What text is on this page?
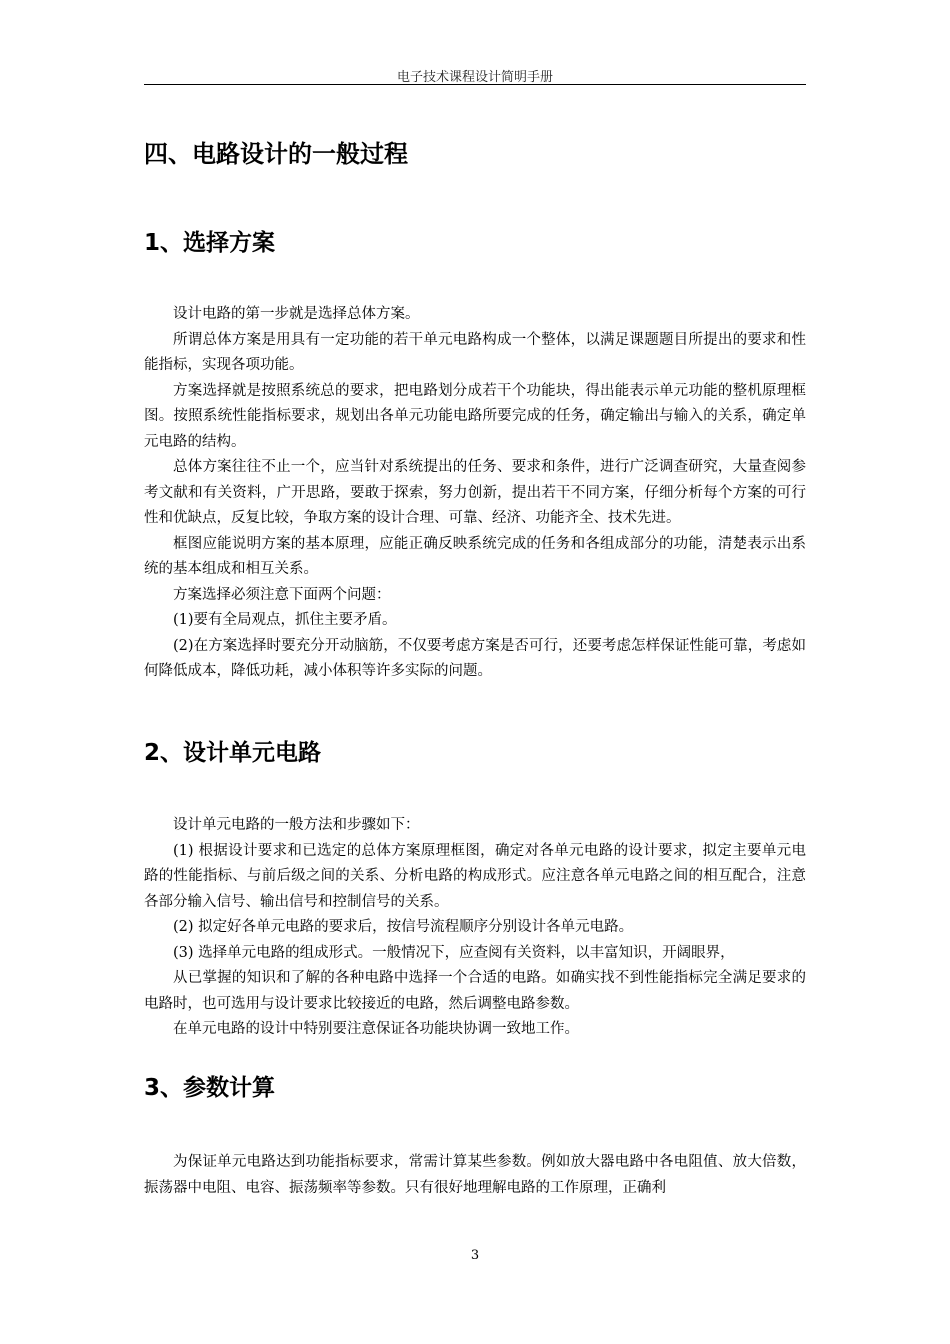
电子技术课程设计简明手册
四、电路设计的一般过程
1、选择方案

设计电路的第一步就是选择总体方案。

所谓总体方案是用具有一定功能的若干单元电路构成一个整体，以满足课题题目所提出的要求和性能指标，实现各项功能。

方案选择就是按照系统总的要求，把电路划分成若干个功能块，得出能表示单元功能的整机原理框图。按照系统性能指标要求，规划出各单元功能电路所要完成的任务，确定输出与输入的关系，确定单元电路的结构。

总体方案往往不止一个，应当针对系统提出的任务、要求和条件，进行广泛调查研究，大量查阅参考文献和有关资料，广开思路，要敢于探索，努力创新，提出若干不同方案，仔细分析每个方案的可行性和优缺点，反复比较，争取方案的设计合理、可靠、经济、功能齐全、技术先进。

框图应能说明方案的基本原理，应能正确反映系统完成的任务和各组成部分的功能，清楚表示出系统的基本组成和相互关系。

方案选择必须注意下面两个问题：

(1)要有全局观点，抓住主要矛盾。

(2)在方案选择时要充分开动脑筋，不仅要考虑方案是否可行，还要考虑怎样保证性能可靠，考虑如何降低成本，降低功耗，减小体积等许多实际的问题。

2、设计单元电路

设计单元电路的一般方法和步骤如下：

(1) 根据设计要求和已选定的总体方案原理框图，确定对各单元电路的设计要求，拟定主要单元电路的性能指标、与前后级之间的关系、分析电路的构成形式。应注意各单元电路之间的相互配合，注意各部分输入信号、输出信号和控制信号的关系。

(2) 拟定好各单元电路的要求后，按信号流程顺序分别设计各单元电路。

(3) 选择单元电路的组成形式。一般情况下，应查阅有关资料，以丰富知识，开阔眼界，

从已掌握的知识和了解的各种电路中选择一个合适的电路。如确实找不到性能指标完全满足要求的电路时，也可选用与设计要求比较接近的电路，然后调整电路参数。

在单元电路的设计中特别要注意保证各功能块协调一致地工作。

3、参数计算

为保证单元电路达到功能指标要求，常需计算某些参数。例如放大器电路中各电阻值、放大倍数，振荡器中电阻、电容、振荡频率等参数。只有很好地理解电路的工作原理，正确利

3
